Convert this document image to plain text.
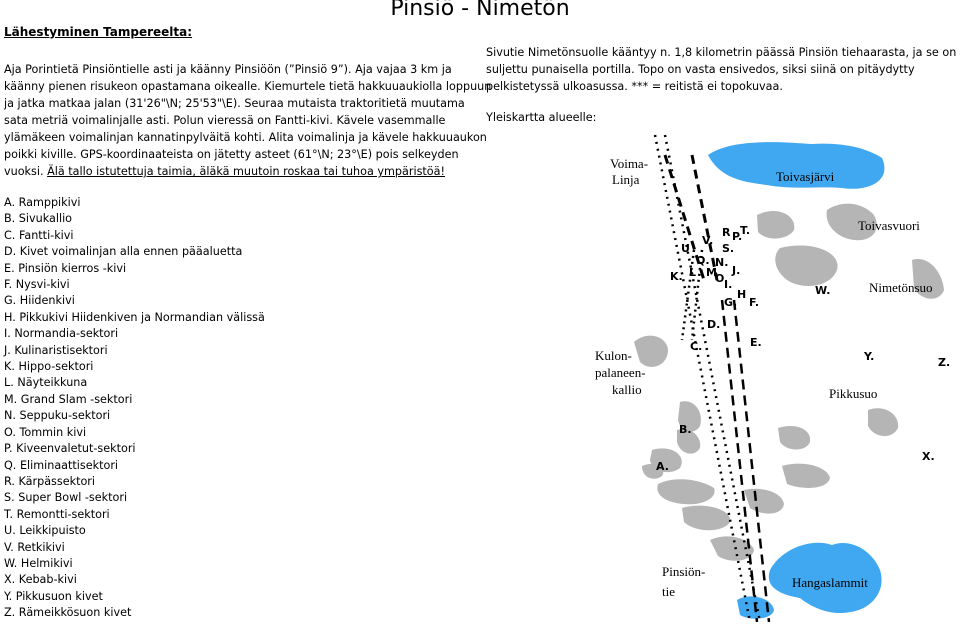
Pinsiö - Nimetön
Lähestyminen Tampereelta:
Aja Porintietä Pinsiöntielle asti ja käänny Pinsiöön (”Pinsiö 9”). Aja vajaa 3 km ja
käänny pienen risukeon opastamana oikealle. Kiemurtele tietä hakkuuaukiolla loppuun
ja jatka matkaa jalan (31'26"\N; 25'53"\E). Seuraa mutaista traktoritietä muutama
sata metriä voimalinjalle asti. Polun vieressä on Fantti-kivi. Kävele vasemmalle
ylämäkeen voimalinjan kannatinpylväitä kohti. Alita voimalinja ja kävele hakkuuaukon
poikki kiville. GPS-koordinaateista on jätetty asteet (61°\N; 23°\E) pois selkeyden
vuoksi. Älä tallo istutettuja taimia, äläkä muutoin roskaa tai tuhoa ympäristöä!
A. Ramppikivi
B. Sivukallio
C. Fantti-kivi
D. Kivet voimalinjan alla ennen pääaluetta
E. Pinsiön kierros -kivi
F. Nysvi-kivi
G. Hiidenkivi
H. Pikkukivi Hiidenkiven ja Normandian välissä
I. Normandia-sektori
J. Kulinaristisektori
K. Hippo-sektori
L. Näyteikkuna
M. Grand Slam -sektori
N. Seppuku-sektori
O. Tommin kivi
P. Kiveenvaletut-sektori
Q. Eliminaattisektori
R. Kärpässektori
S. Super Bowl -sektori
T. Remontti-sektori
U. Leikkipuisto
V. Retkikivi
W. Helmikivi
X. Kebab-kivi
Y. Pikkusuon kivet
Z. Rämeikkösuon kivet
Sivutie Nimetönsuolle kääntyy n. 1,8 kilometrin päässä Pinsiön tiehaarasta, ja se on
suljettu punaisella portilla. Topo on vasta ensivedos, siksi siinä on pitäydytty
pelkistetyssä ulkoasussa. *** = reitistä ei topokuvaa.
Yleiskartta alueelle:
Voima-
Linja	Toivasjärvi
Toivasvuori
Nimetönsuo
Kulon-
palaneen-
kallio	Pikkusuo
Pinsiön-
tie
Hangaslammit
A.
B.
C.
D.
E.
F.
G.
H
I.
J.
K. L M
N.
O
P.
Q.
R
S.
T.
U
V.
W.
X.
Y.	Z.
